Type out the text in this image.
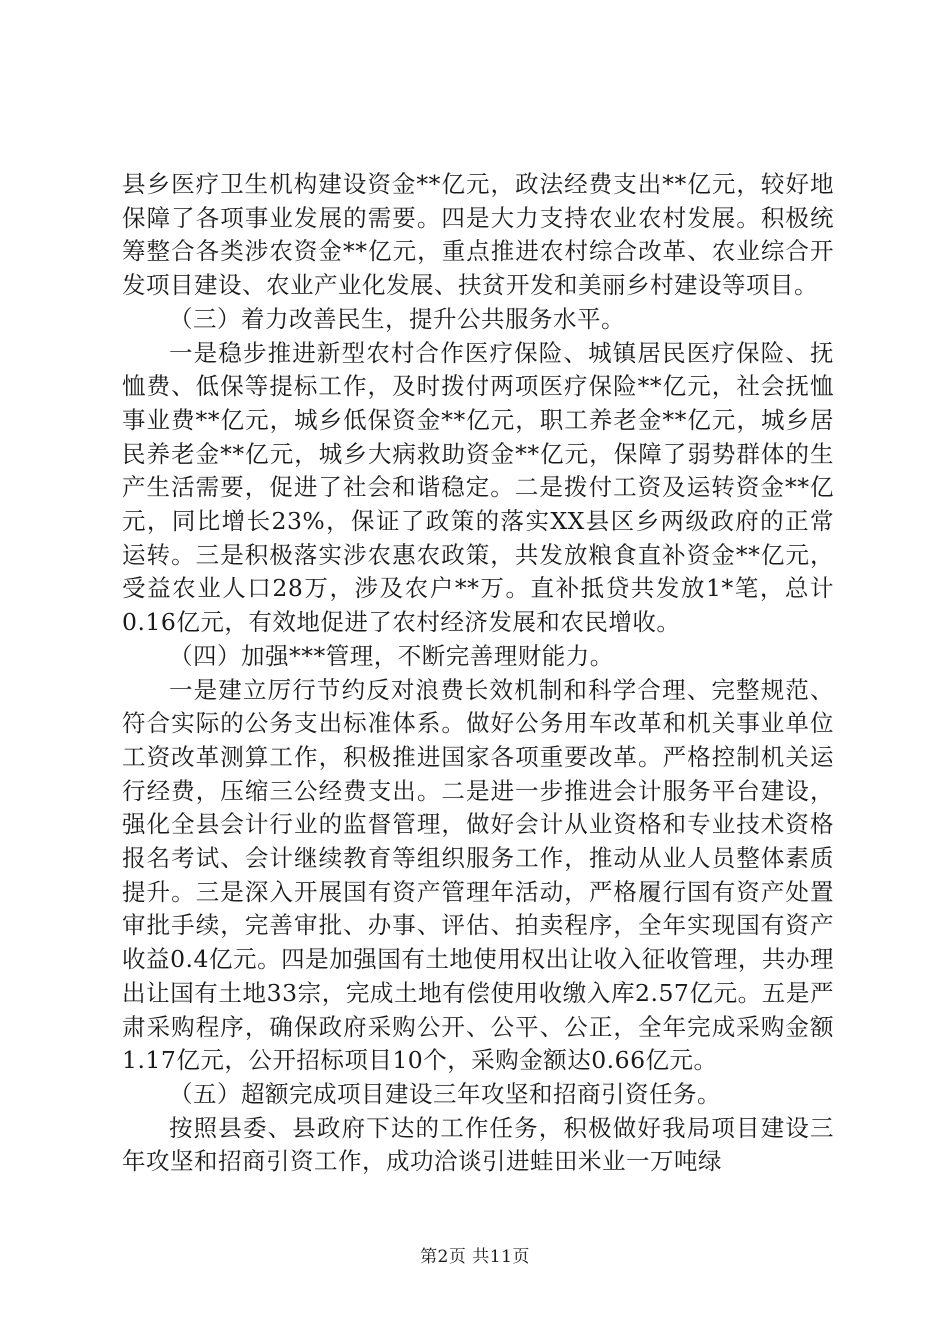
县乡医疗卫生机构建设资金**亿元，政法经费支出**亿元，较好地保障了各项事业发展的需要。四是大力支持农业农村发展。积极统筹整合各类涉农资金**亿元，重点推进农村综合改革、农业综合开发项目建设、农业产业化发展、扶贫开发和美丽乡村建设等项目。

（三）着力改善民生，提升公共服务水平。

一是稳步推进新型农村合作医疗保险、城镇居民医疗保险、抚恤费、低保等提标工作，及时拨付两项医疗保险**亿元，社会抚恤事业费**亿元，城乡低保资金**亿元，职工养老金**亿元，城乡居民养老金**亿元，城乡大病救助资金**亿元，保障了弱势群体的生产生活需要，促进了社会和谐稳定。二是拨付工资及运转资金**亿元，同比增长23%，保证了政策的落实XX县区乡两级政府的正常运转。三是积极落实涉农惠农政策，共发放粮食直补资金**亿元，受益农业人口28万，涉及农户**万。直补抵贷共发放1*笔，总计0.16亿元，有效地促进了农村经济发展和农民增收。

（四）加强***管理，不断完善理财能力。

一是建立厉行节约反对浪费长效机制和科学合理、完整规范、符合实际的公务支出标准体系。做好公务用车改革和机关事业单位工资改革测算工作，积极推进国家各项重要改革。严格控制机关运行经费，压缩三公经费支出。二是进一步推进会计服务平台建设，强化全县会计行业的监督管理，做好会计从业资格和专业技术资格报名考试、会计继续教育等组织服务工作，推动从业人员整体素质提升。三是深入开展国有资产管理年活动，严格履行国有资产处置审批手续，完善审批、办事、评估、拍卖程序，全年实现国有资产收益0.4亿元。四是加强国有土地使用权出让收入征收管理，共办理出让国有土地33宗，完成土地有偿使用收缴入库2.57亿元。五是严肃采购程序，确保政府采购公开、公平、公正，全年完成采购金额1.17亿元，公开招标项目10个，采购金额达0.66亿元。

（五）超额完成项目建设三年攻坚和招商引资任务。

按照县委、县政府下达的工作任务，积极做好我局项目建设三年攻坚和招商引资工作，成功洽谈引进蛙田米业一万吨绿

第2页 共11页
